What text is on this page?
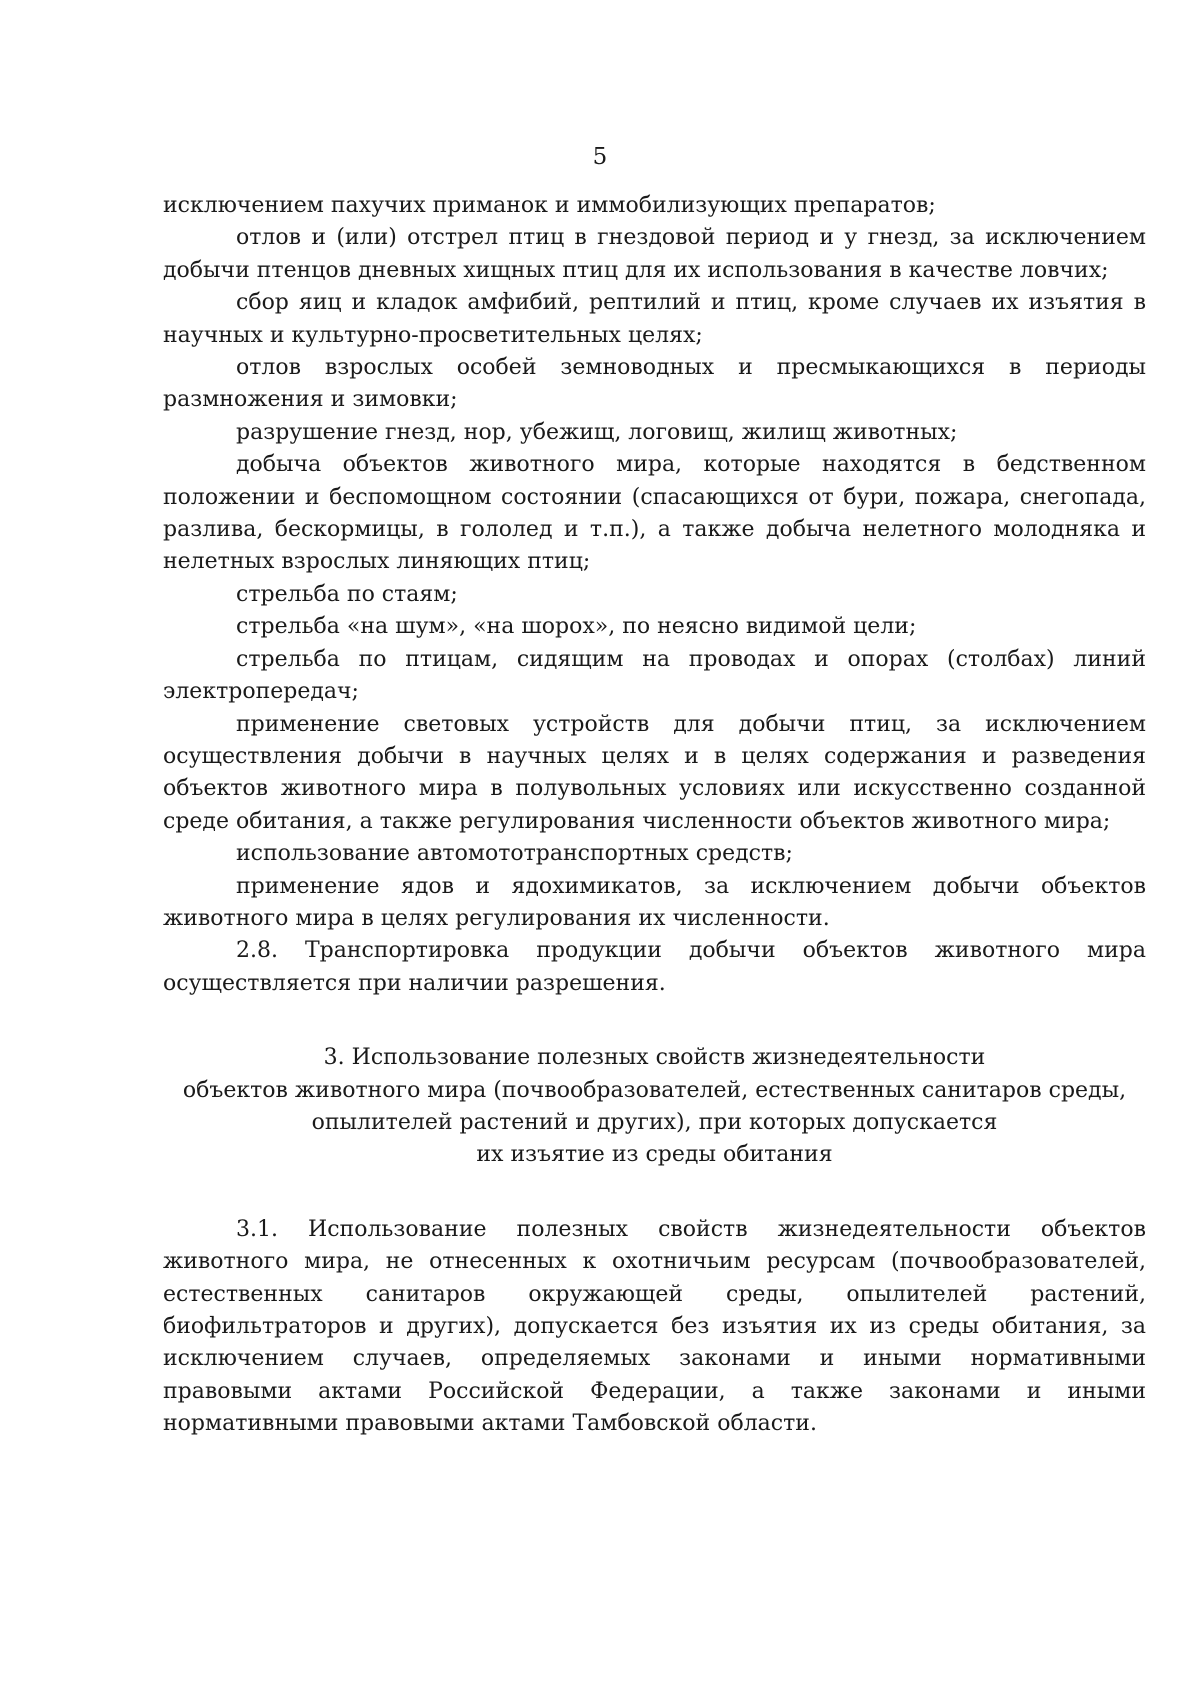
5

исключением пахучих приманок и иммобилизующих препаратов;

отлов и (или) отстрел птиц в гнездовой период и у гнезд, за исключением добычи птенцов дневных хищных птиц для их использования в качестве ловчих;

сбор яиц и кладок амфибий, рептилий и птиц, кроме случаев их изъятия в научных и культурно-просветительных целях;

отлов взрослых особей земноводных и пресмыкающихся в периоды размножения и зимовки;

разрушение гнезд, нор, убежищ, логовищ, жилищ животных;

добыча объектов животного мира, которые находятся в бедственном положении и беспомощном состоянии (спасающихся от бури, пожара, снегопада, разлива, бескормицы, в гололед и т.п.), а также добыча нелетного молодняка и нелетных взрослых линяющих птиц;

стрельба по стаям;

стрельба «на шум», «на шорох», по неясно видимой цели;

стрельба по птицам, сидящим на проводах и опорах (столбах) линий электропередач;

применение световых устройств для добычи птиц, за исключением осуществления добычи в научных целях и в целях содержания и разведения объектов животного мира в полувольных условиях или искусственно созданной среде обитания, а также регулирования численности объектов животного мира;

использование автомототранспортных средств;

применение ядов и ядохимикатов, за исключением добычи объектов животного мира в целях регулирования их численности.

2.8. Транспортировка продукции добычи объектов животного мира осуществляется при наличии разрешения.

3. Использование полезных свойств жизнедеятельности
объектов животного мира (почвообразователей, естественных санитаров среды,
опылителей растений и других), при которых допускается
их изъятие из среды обитания

3.1. Использование полезных свойств жизнедеятельности объектов животного мира, не отнесенных к охотничьим ресурсам (почвообразователей, естественных санитаров окружающей среды, опылителей растений, биофильтраторов и других), допускается без изъятия их из среды обитания, за исключением случаев, определяемых законами и иными нормативными правовыми актами Российской Федерации, а также законами и иными нормативными правовыми актами Тамбовской области.
